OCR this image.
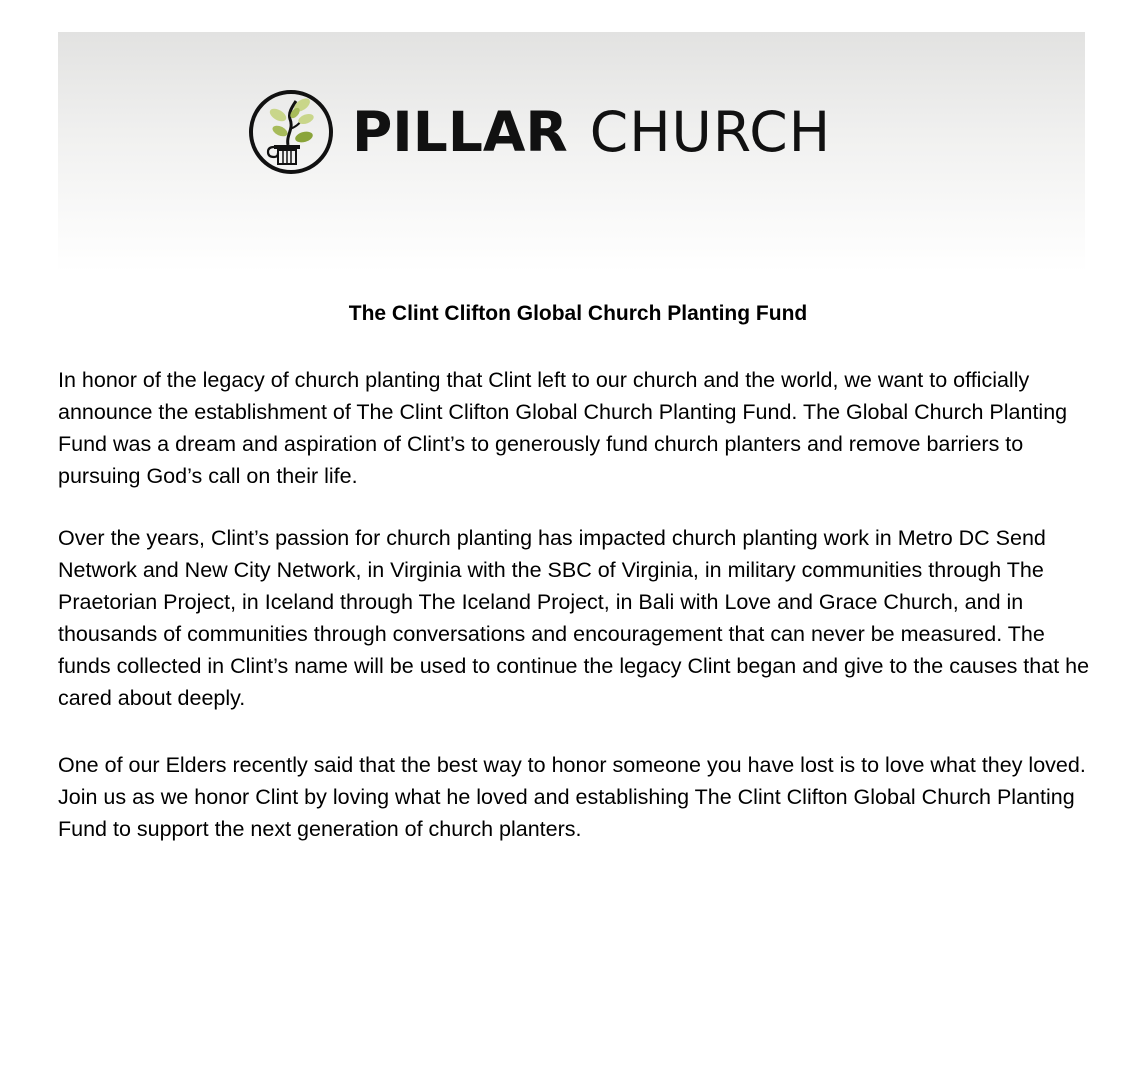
PILLAR CHURCH
The Clint Clifton Global Church Planting Fund

In honor of the legacy of church planting that Clint left to our church and the world, we want to officially announce the establishment of The Clint Clifton Global Church Planting Fund. The Global Church Planting Fund was a dream and aspiration of Clint’s to generously fund church planters and remove barriers to pursuing God’s call on their life.

Over the years, Clint’s passion for church planting has impacted church planting work in Metro DC Send Network and New City Network, in Virginia with the SBC of Virginia, in military communities through The Praetorian Project, in Iceland through The Iceland Project, in Bali with Love and Grace Church, and in thousands of communities through conversations and encouragement that can never be measured. The funds collected in Clint’s name will be used to continue the legacy Clint began and give to the causes that he cared about deeply.

One of our Elders recently said that the best way to honor someone you have lost is to love what they loved. Join us as we honor Clint by loving what he loved and establishing The Clint Clifton Global Church Planting Fund to support the next generation of church planters.
